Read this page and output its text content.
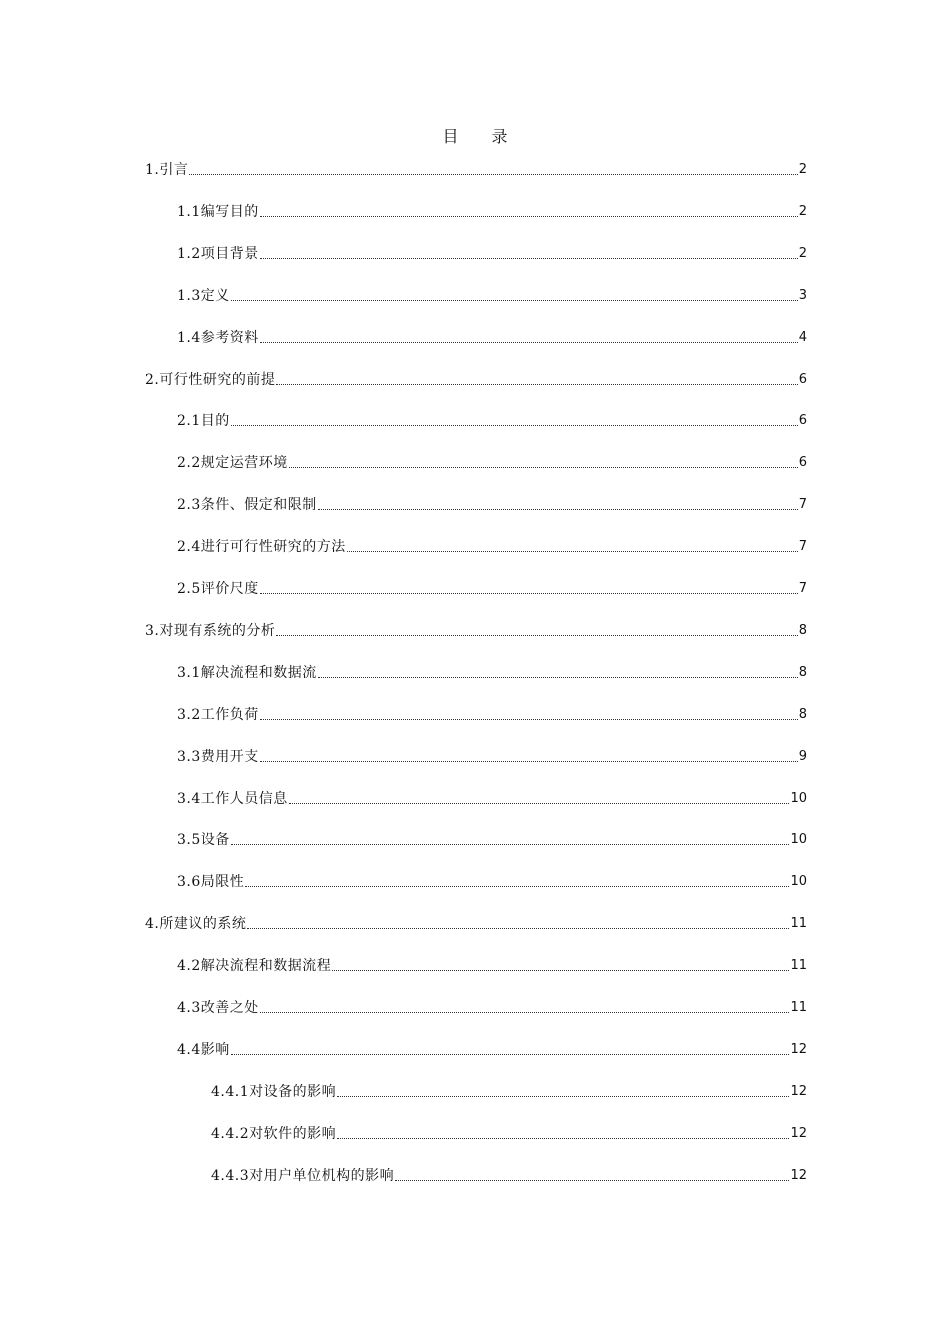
目 录
1.引言	2
1.1编写目的	2
1.2项目背景	2
1.3定义	3
1.4参考资料	4
2.可行性研究的前提	6
2.1目的	6
2.2规定运营环境	6
2.3条件、假定和限制	7
2.4进行可行性研究的方法	7
2.5评价尺度	7
3.对现有系统的分析	8
3.1解决流程和数据流	8
3.2工作负荷	8
3.3费用开支	9
3.4工作人员信息	10
3.5设备	10
3.6局限性	10
4.所建议的系统	11
4.2解决流程和数据流程	11
4.3改善之处	11
4.4影响	12
4.4.1对设备的影响	12
4.4.2对软件的影响	12
4.4.3对用户单位机构的影响	12
